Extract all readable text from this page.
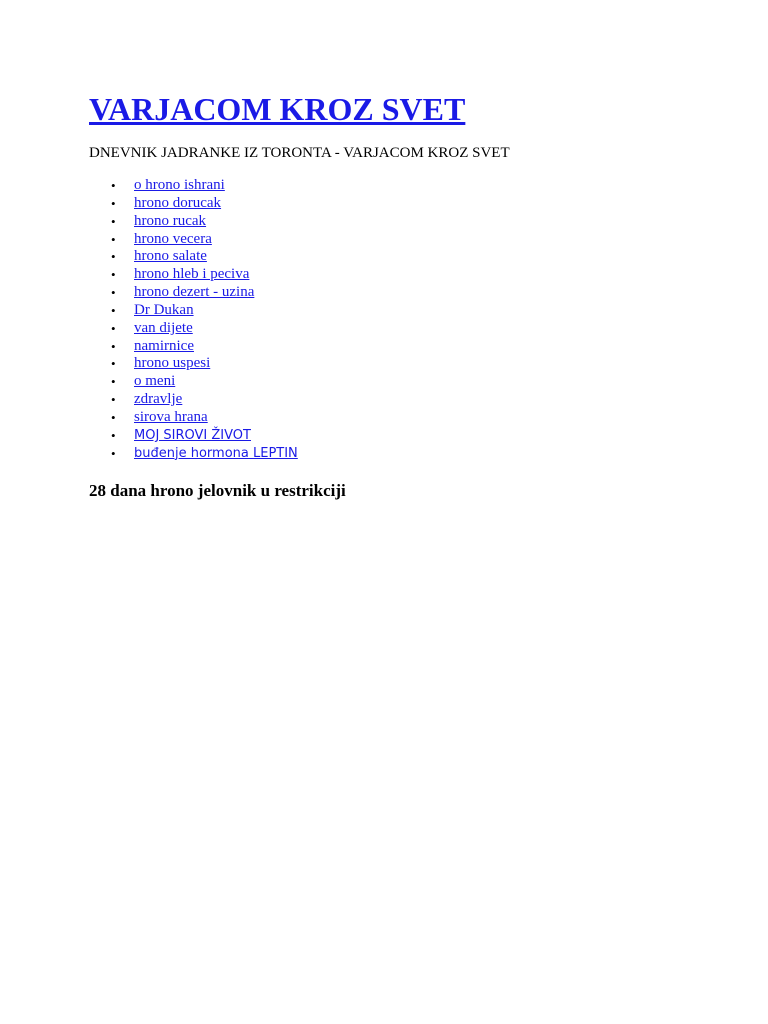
VARJACOM KROZ SVET

DNEVNIK JADRANKE IZ TORONTA - VARJACOM KROZ SVET

• o hrono ishrani
• hrono dorucak
• hrono rucak
• hrono vecera
• hrono salate
• hrono hleb i peciva
• hrono dezert - uzina
• Dr Dukan
• van dijete
• namirnice
• hrono uspesi
• o meni
• zdravlje
• sirova hrana
• MOJ SIROVI ŽIVOT
• buđenje hormona LEPTIN
28 dana hrono jelovnik u restrikciji
